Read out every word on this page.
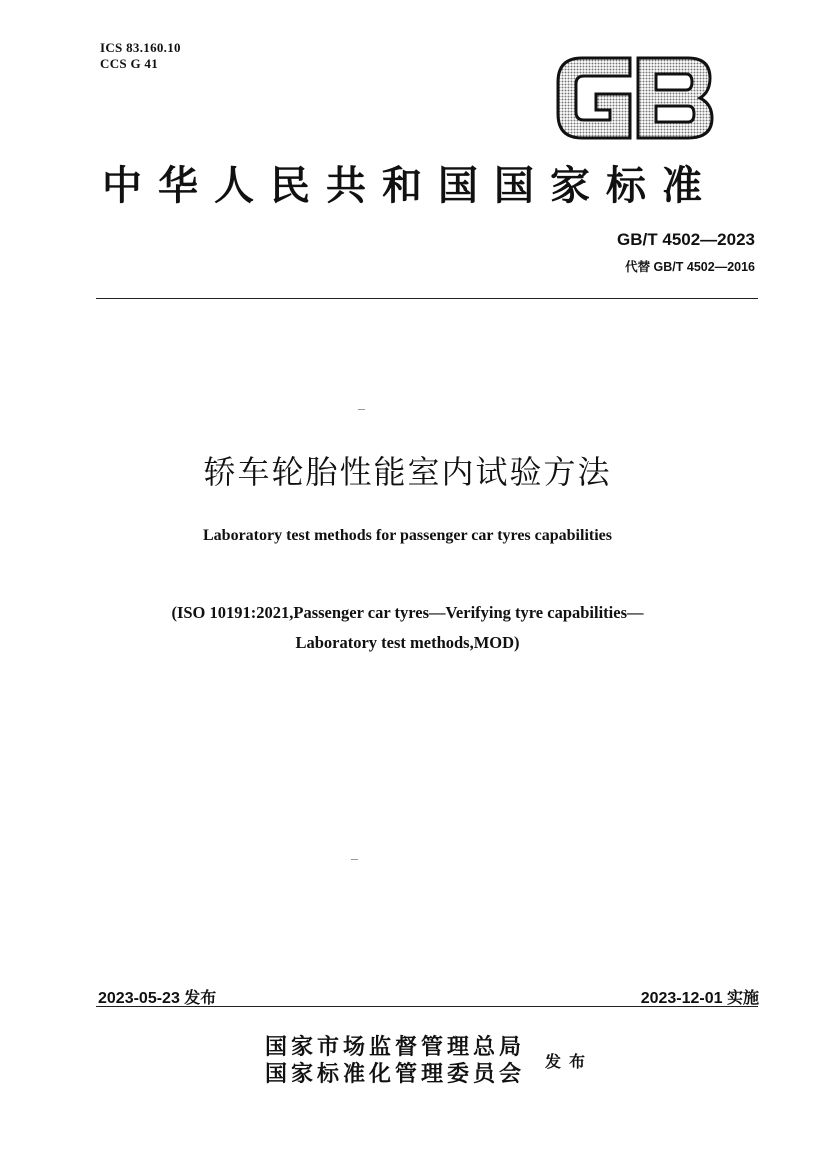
ICS 83.160.10
CCS G 41
中华人民共和国国家标准
GB/T 4502—2023
代替 GB/T 4502—2016
轿车轮胎性能室内试验方法
Laboratory test methods for passenger car tyres capabilities
(ISO 10191:2021,Passenger car tyres—Verifying tyre capabilities—
Laboratory test methods,MOD)
2023-05-23 发布	2023-12-01 实施
国家市场监督管理总局
国家标准化管理委员会 发布
